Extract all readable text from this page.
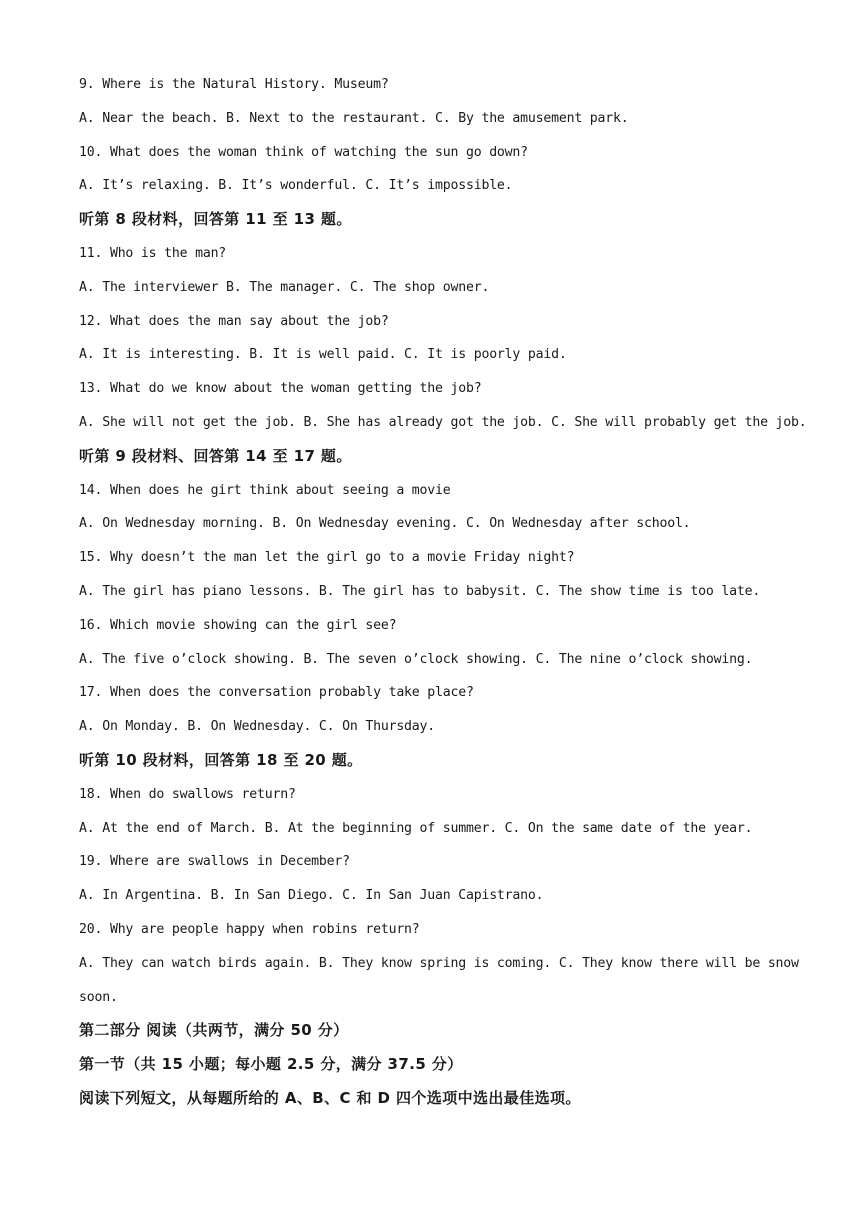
9. Where is the Natural History. Museum?
A. Near the beach. B. Next to the restaurant. C. By the amusement park.
10. What does the woman think of watching the sun go down?
A. It’s relaxing. B. It’s wonderful. C. It’s impossible.
听第 8 段材料，回答第 11 至 13 题。
11. Who is the man?
A. The interviewer B. The manager. C. The shop owner.
12. What does the man say about the job?
A. It is interesting. B. It is well paid. C. It is poorly paid.
13. What do we know about the woman getting the job?
A. She will not get the job. B. She has already got the job. C. She will probably get the job.
听第 9 段材料、回答第 14 至 17 题。
14. When does he girt think about seeing a movie
A. On Wednesday morning. B. On Wednesday evening. C. On Wednesday after school.
15. Why doesn’t the man let the girl go to a movie Friday night?
A. The girl has piano lessons. B. The girl has to babysit. C. The show time is too late.
16. Which movie showing can the girl see?
A. The five o’clock showing. B. The seven o’clock showing. C. The nine o’clock showing.
17. When does the conversation probably take place?
A. On Monday. B. On Wednesday. C. On Thursday.
听第 10 段材料，回答第 18 至 20 题。
18. When do swallows return?
A. At the end of March. B. At the beginning of summer. C. On the same date of the year.
19. Where are swallows in December?
A. In Argentina. B. In San Diego. C. In San Juan Capistrano.
20. Why are people happy when robins return?
A. They can watch birds again. B. They know spring is coming. C. They know there will be snow
soon.
第二部分 阅读（共两节，满分 50 分）
第一节（共 15 小题；每小题 2.5 分，满分 37.5 分）
阅读下列短文，从每题所给的 A、B、C 和 D 四个选项中选出最佳选项。
